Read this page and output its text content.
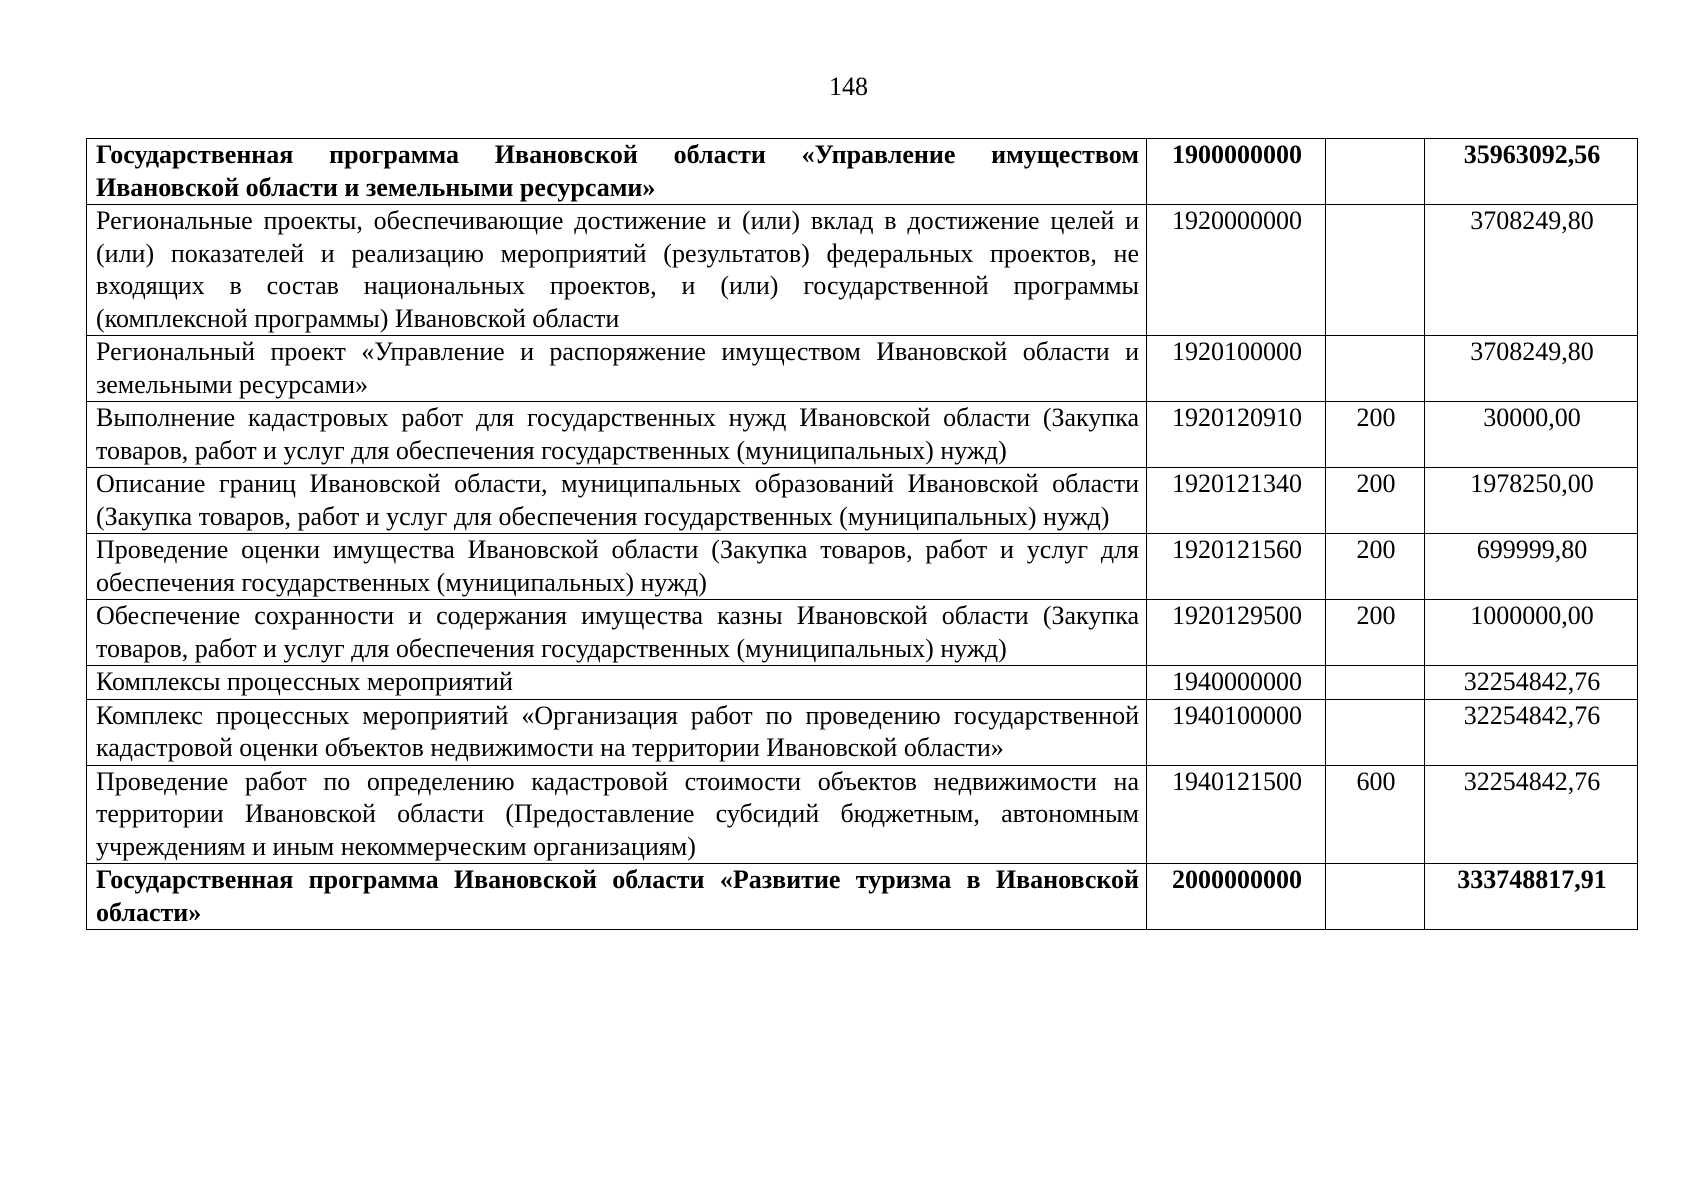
148
Государственная программа Ивановской области «Управление имуществом Ивановской области и земельными ресурсами»	1900000000		35963092,56
Региональные проекты, обеспечивающие достижение и (или) вклад в достижение целей и (или) показателей и реализацию мероприятий (результатов) федеральных проектов, не входящих в состав национальных проектов, и (или) государственной программы (комплексной программы) Ивановской области	1920000000		3708249,80
Региональный проект «Управление и распоряжение имуществом Ивановской области и земельными ресурсами»	1920100000		3708249,80
Выполнение кадастровых работ для государственных нужд Ивановской области (Закупка товаров, работ и услуг для обеспечения государственных (муниципальных) нужд)	1920120910	200	30000,00
Описание границ Ивановской области, муниципальных образований Ивановской области (Закупка товаров, работ и услуг для обеспечения государственных (муниципальных) нужд)	1920121340	200	1978250,00
Проведение оценки имущества Ивановской области (Закупка товаров, работ и услуг для обеспечения государственных (муниципальных) нужд)	1920121560	200	699999,80
Обеспечение сохранности и содержания имущества казны Ивановской области (Закупка товаров, работ и услуг для обеспечения государственных (муниципальных) нужд)	1920129500	200	1000000,00
Комплексы процессных мероприятий	1940000000		32254842,76
Комплекс процессных мероприятий «Организация работ по проведению государственной кадастровой оценки объектов недвижимости на территории Ивановской области»	1940100000		32254842,76
Проведение работ по определению кадастровой стоимости объектов недвижимости на территории Ивановской области (Предоставление субсидий бюджетным, автономным учреждениям и иным некоммерческим организациям)	1940121500	600	32254842,76
Государственная программа Ивановской области «Развитие туризма в Ивановской области»	2000000000		333748817,91
